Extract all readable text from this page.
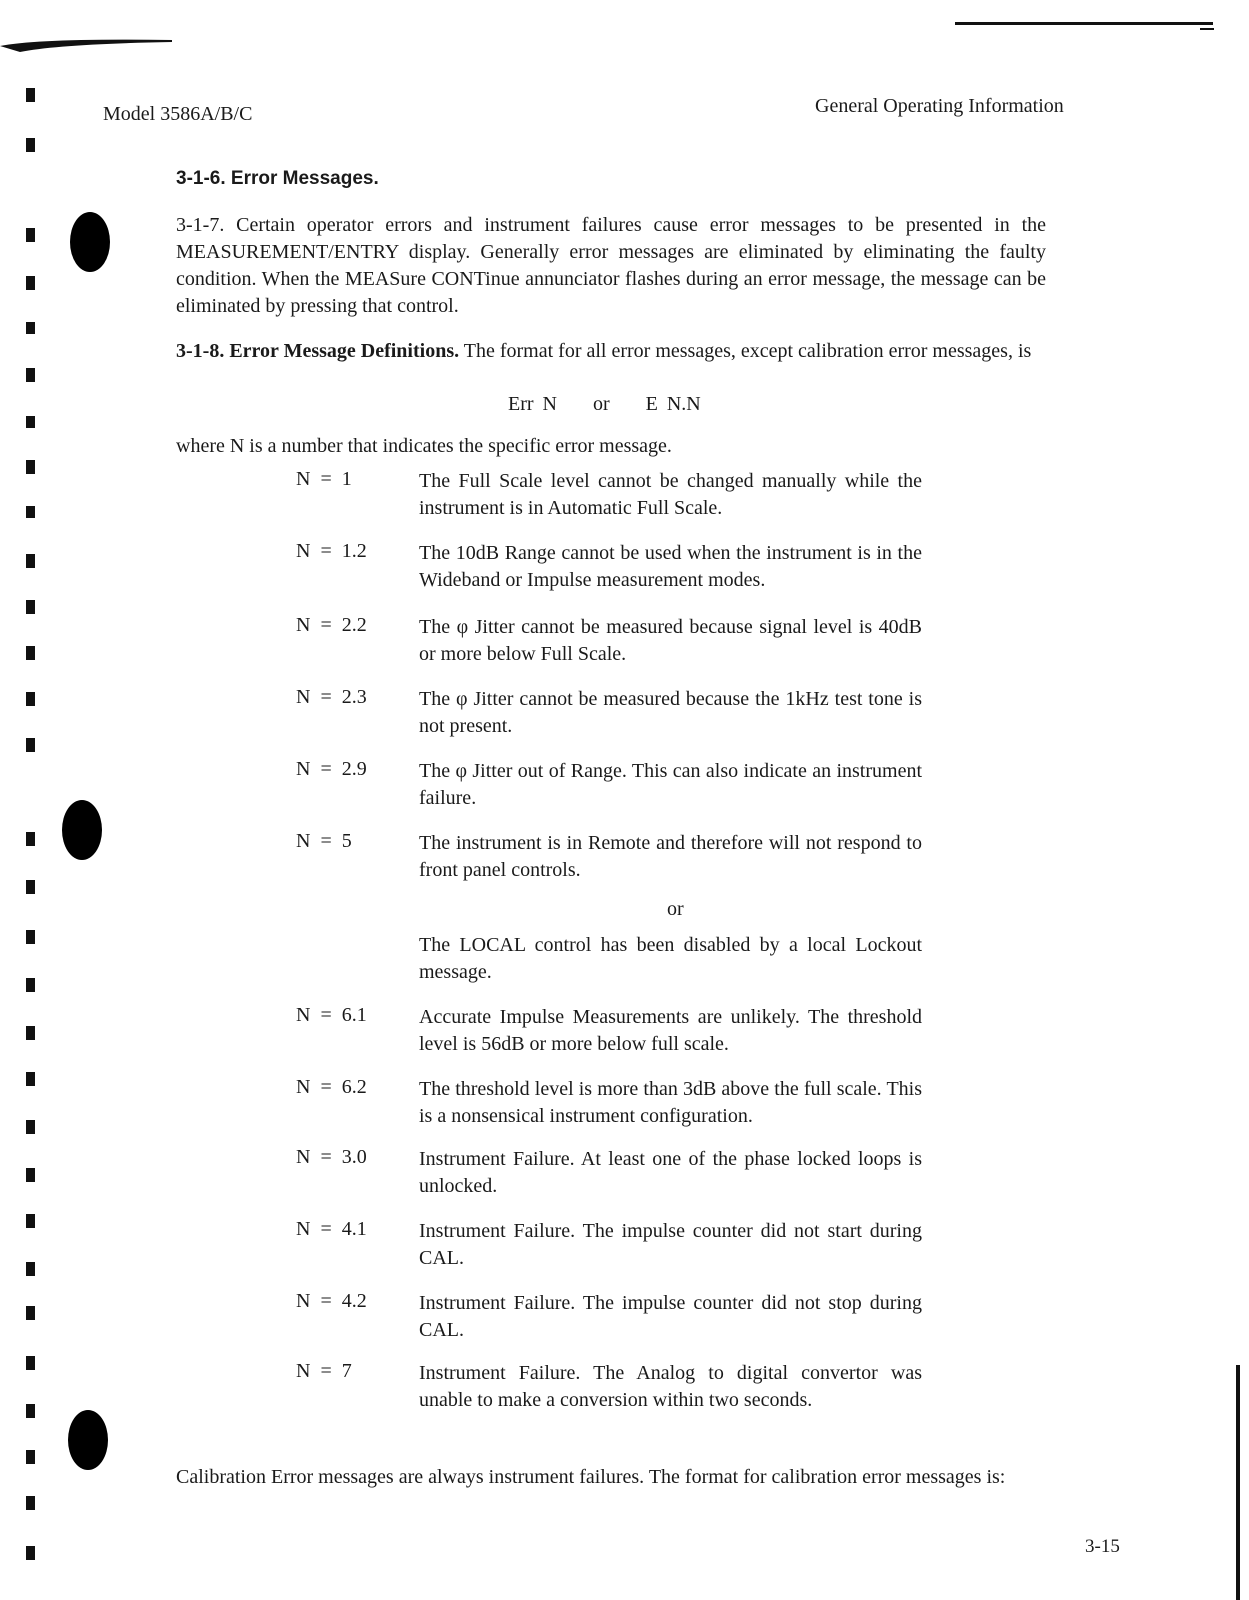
Model 3586A/B/C	General Operating Information
3-1-6. Error Messages.
3-1-7. Certain operator errors and instrument failures cause error messages to be presented in the MEASUREMENT/ENTRY display. Generally error messages are eliminated by eliminating the faulty condition. When the MEASure CONTinue annunciator flashes during an error message, the message can be eliminated by pressing that control.
3-1-8. Error Message Definitions. The format for all error messages, except calibration error messages, is
Err N    or    E N.N
where N is a number that indicates the specific error message.
N  =  1	The Full Scale level cannot be changed manually while the instrument is in Automatic Full Scale.
N  =  1.2	The 10dB Range cannot be used when the instrument is in the Wideband or Impulse measurement modes.
N  =  2.2	The φ Jitter cannot be measured because signal level is 40dB or more below Full Scale.
N  =  2.3	The φ Jitter cannot be measured because the 1kHz test tone is not present.
N  =  2.9	The φ Jitter out of Range. This can also indicate an instrument failure.
N  =  5	The instrument is in Remote and therefore will not respond to front panel controls.
or
The LOCAL control has been disabled by a local Lockout message.
N  =  6.1	Accurate Impulse Measurements are unlikely. The threshold level is 56dB or more below full scale.
N  =  6.2	The threshold level is more than 3dB above the full scale. This is a nonsensical instrument configuration.
N  =  3.0	Instrument Failure. At least one of the phase locked loops is unlocked.
N  =  4.1	Instrument Failure. The impulse counter did not start during CAL.
N  =  4.2	Instrument Failure. The impulse counter did not stop during CAL.
N  =  7	Instrument Failure. The Analog to digital convertor was unable to make a conversion within two seconds.
Calibration Error messages are always instrument failures. The format for calibration error messages is:
3-15
